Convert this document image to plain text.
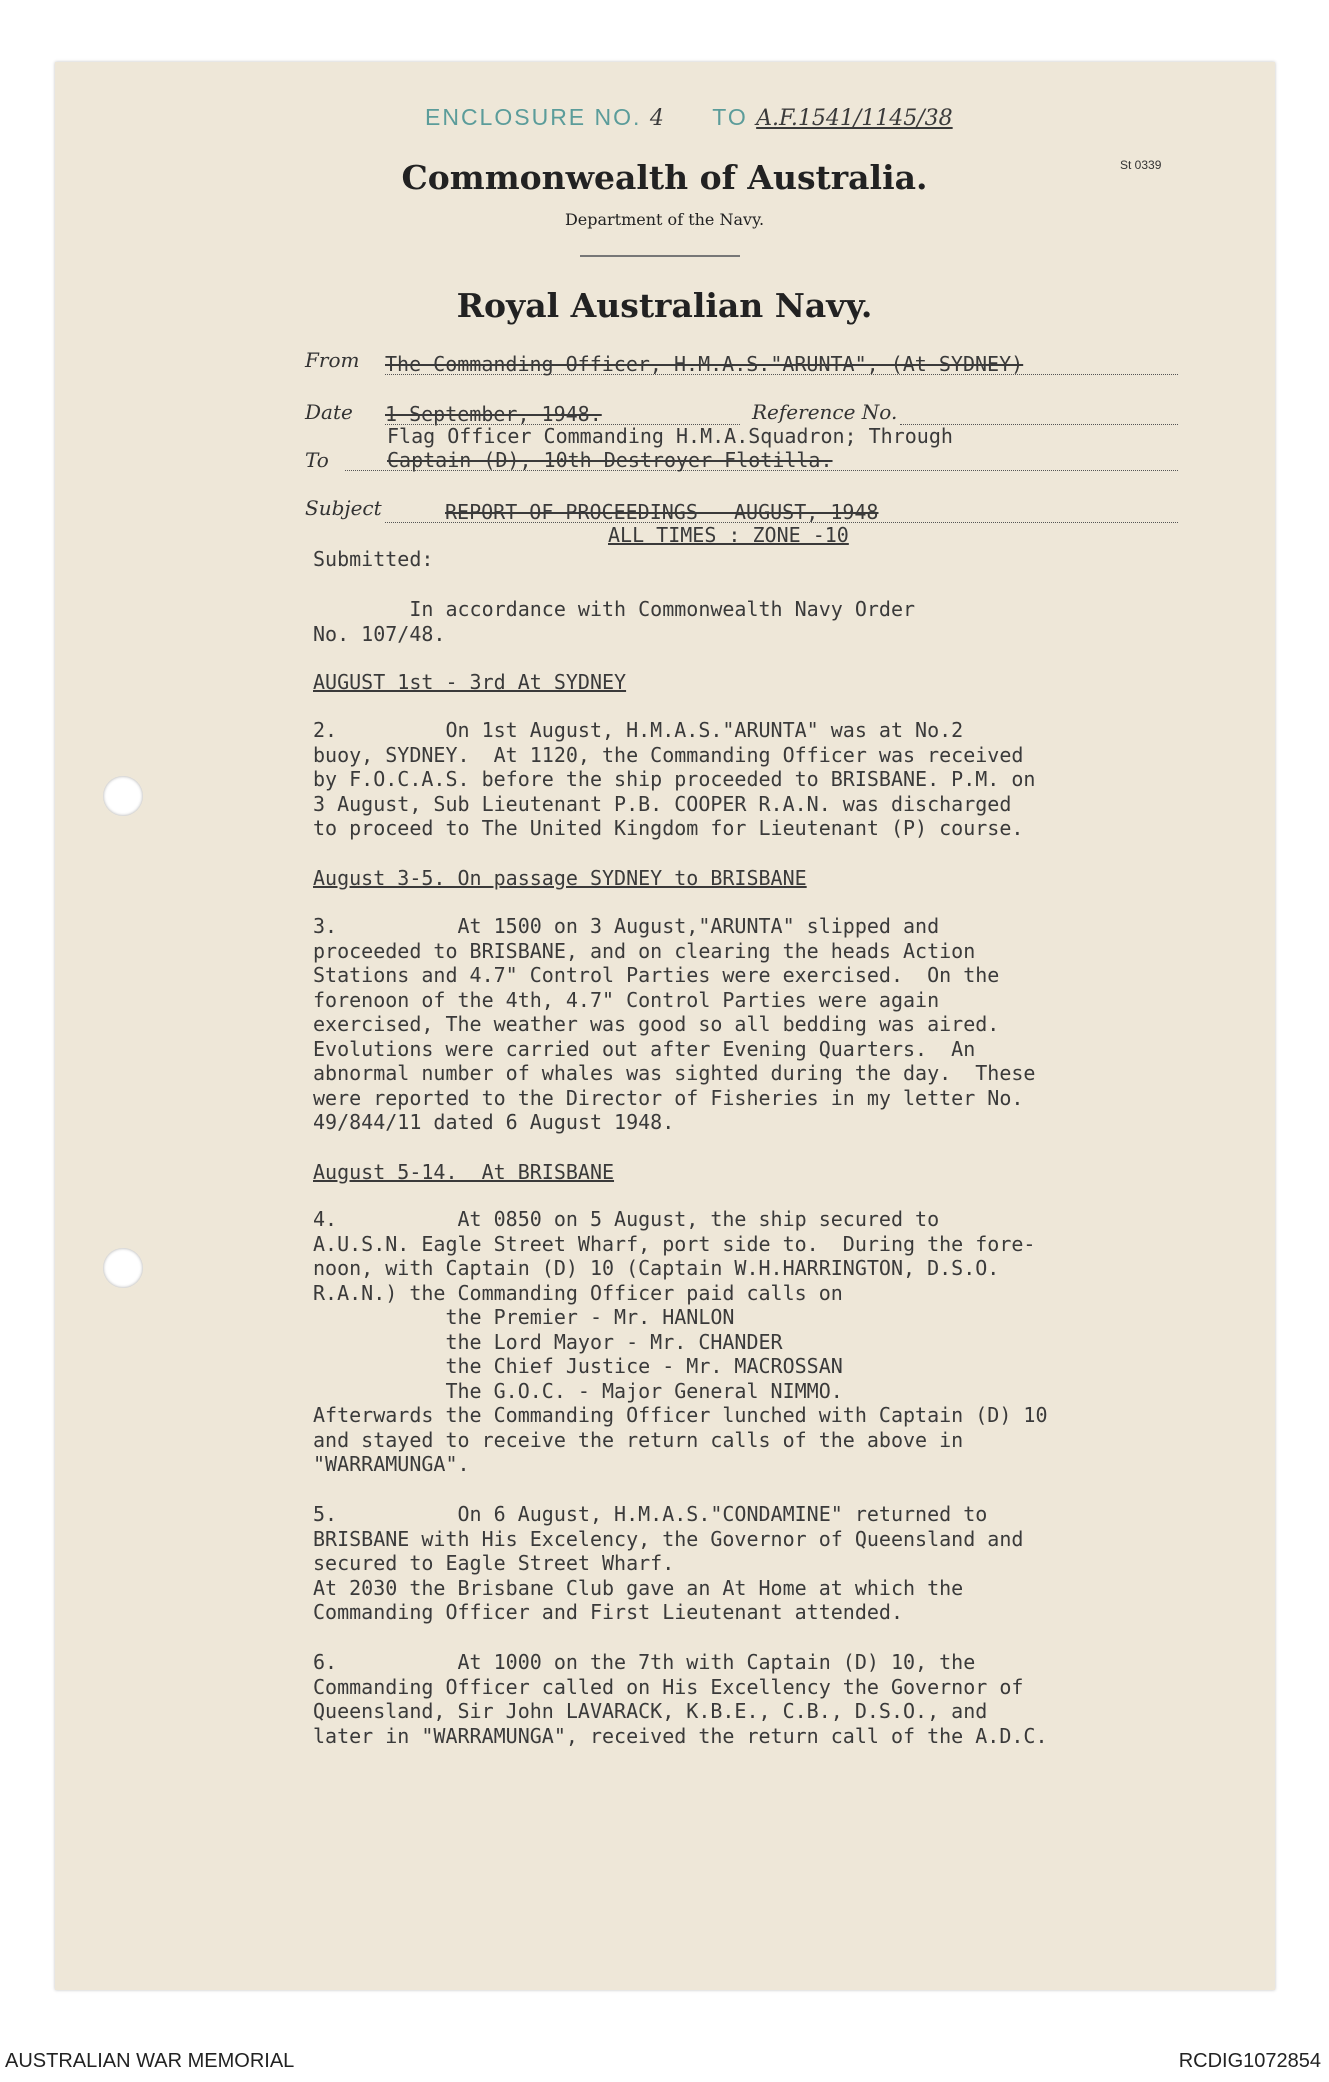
ENCLOSURE NO. 4 TO A.F.1541/1145/38
St 0339
Commonwealth of Australia.
Department of the Navy.
Royal Australian Navy.
From The Commanding Officer, H.M.A.S."ARUNTA", (At SYDNEY)
Date 1 September, 1948.	Reference No.
Flag Officer Commanding H.M.A.Squadron; Through
To	Captain (D), 10th Destroyer Flotilla.
Subject	REPORT OF PROCEEDINGS - AUGUST, 1948
ALL TIMES : ZONE -10
Submitted:
In accordance with Commonwealth Navy Order
No. 107/48.
AUGUST 1st - 3rd At SYDNEY
2.         On 1st August, H.M.A.S."ARUNTA" was at No.2
buoy, SYDNEY.  At 1120, the Commanding Officer was received
by F.O.C.A.S. before the ship proceeded to BRISBANE. P.M. on
3 August, Sub Lieutenant P.B. COOPER R.A.N. was discharged
to proceed to The United Kingdom for Lieutenant (P) course.
August 3-5. On passage SYDNEY to BRISBANE
3.          At 1500 on 3 August,"ARUNTA" slipped and
proceeded to BRISBANE, and on clearing the heads Action
Stations and 4.7" Control Parties were exercised.  On the
forenoon of the 4th, 4.7" Control Parties were again
exercised, The weather was good so all bedding was aired.
Evolutions were carried out after Evening Quarters.  An
abnormal number of whales was sighted during the day.  These
were reported to the Director of Fisheries in my letter No.
49/844/11 dated 6 August 1948.
August 5-14.  At BRISBANE
4.          At 0850 on 5 August, the ship secured to
A.U.S.N. Eagle Street Wharf, port side to.  During the fore-
noon, with Captain (D) 10 (Captain W.H.HARRINGTON, D.S.O.
R.A.N.) the Commanding Officer paid calls on
the Premier - Mr. HANLON
the Lord Mayor - Mr. CHANDER
the Chief Justice - Mr. MACROSSAN
The G.O.C. - Major General NIMMO.
Afterwards the Commanding Officer lunched with Captain (D) 10
and stayed to receive the return calls of the above in
"WARRAMUNGA".
5.          On 6 August, H.M.A.S."CONDAMINE" returned to
BRISBANE with His Excelency, the Governor of Queensland and
secured to Eagle Street Wharf.
At 2030 the Brisbane Club gave an At Home at which the
Commanding Officer and First Lieutenant attended.
6.          At 1000 on the 7th with Captain (D) 10, the
Commanding Officer called on His Excellency the Governor of
Queensland, Sir John LAVARACK, K.B.E., C.B., D.S.O., and
later in "WARRAMUNGA", received the return call of the A.D.C.
AUSTRALIAN WAR MEMORIAL	RCDIG1072854
